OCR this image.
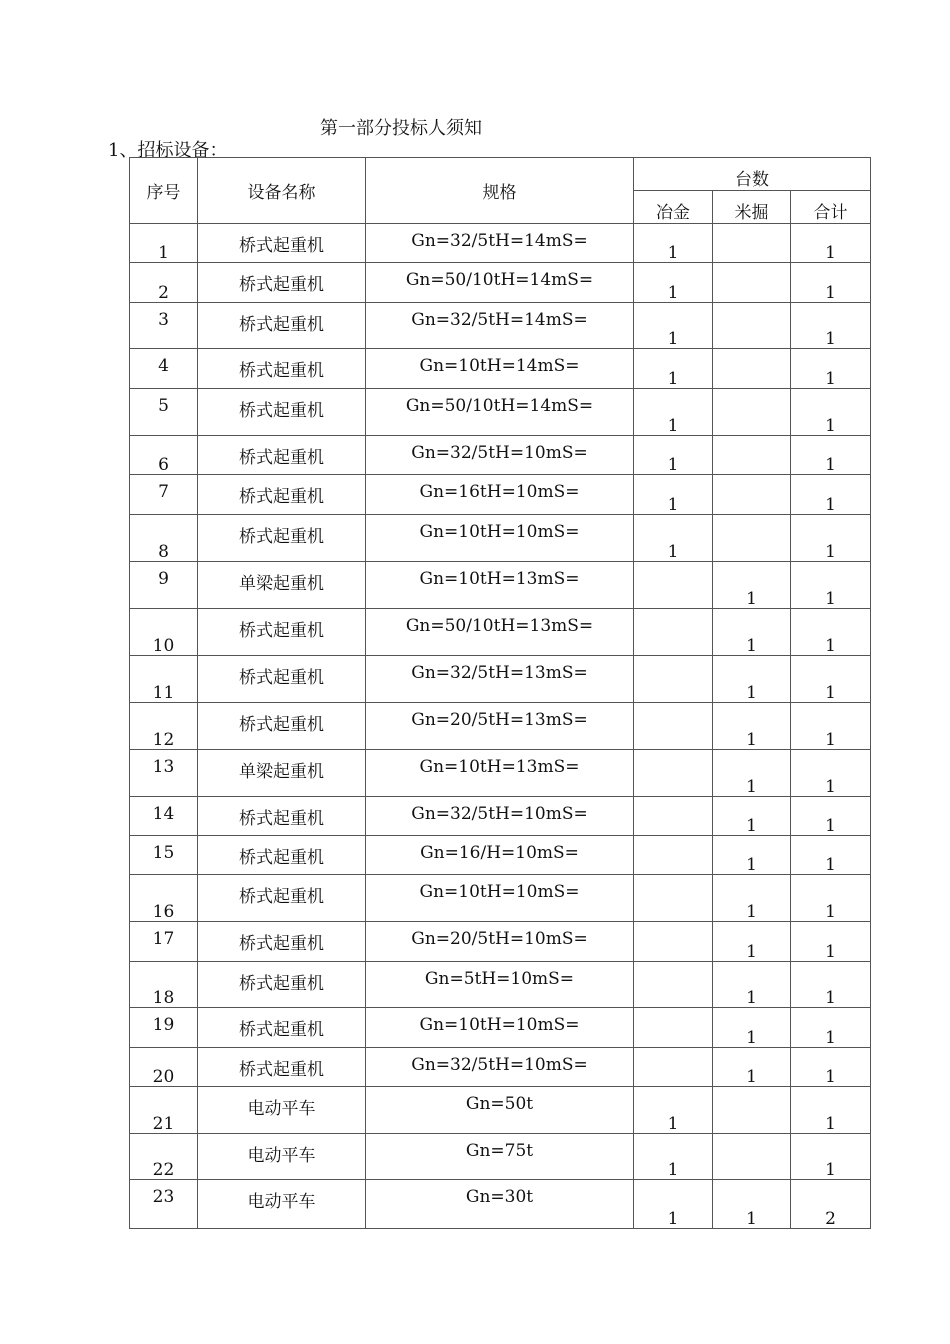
第一部分投标人须知
1、招标设备：
序号	设备名称	规格	台数		
			冶金	米掘	合计

1	桥式起重机	Gn=32/5tH=14mS=	1		1

2	桥式起重机	Gn=50/10tH=14mS=	1		1

3	桥式起重机	Gn=32/5tH=14mS=	1		1

4	桥式起重机	Gn=10tH=14mS=	1		1

5	桥式起重机	Gn=50/10tH=14mS=	1		1

6	桥式起重机	Gn=32/5tH=10mS=	1		1

7	桥式起重机	Gn=16tH=10mS=	1		1

8	桥式起重机	Gn=10tH=10mS=	1		1

9	单梁起重机	Gn=10tH=13mS=		1	1

10	桥式起重机	Gn=50/10tH=13mS=		1	1

11	桥式起重机	Gn=32/5tH=13mS=		1	1

12	桥式起重机	Gn=20/5tH=13mS=		1	1

13	单梁起重机	Gn=10tH=13mS=		1	1

14	桥式起重机	Gn=32/5tH=10mS=		1	1

15	桥式起重机	Gn=16/H=10mS=		1	1

16	桥式起重机	Gn=10tH=10mS=		1	1

17	桥式起重机	Gn=20/5tH=10mS=		1	1

18	桥式起重机	Gn=5tH=10mS=		1	1

19	桥式起重机	Gn=10tH=10mS=		1	1

20	桥式起重机	Gn=32/5tH=10mS=		1	1

21	电动平车	Gn=50t	1		1

22	电动平车	Gn=75t	1		1

23	电动平车	Gn=30t	1	1	2
